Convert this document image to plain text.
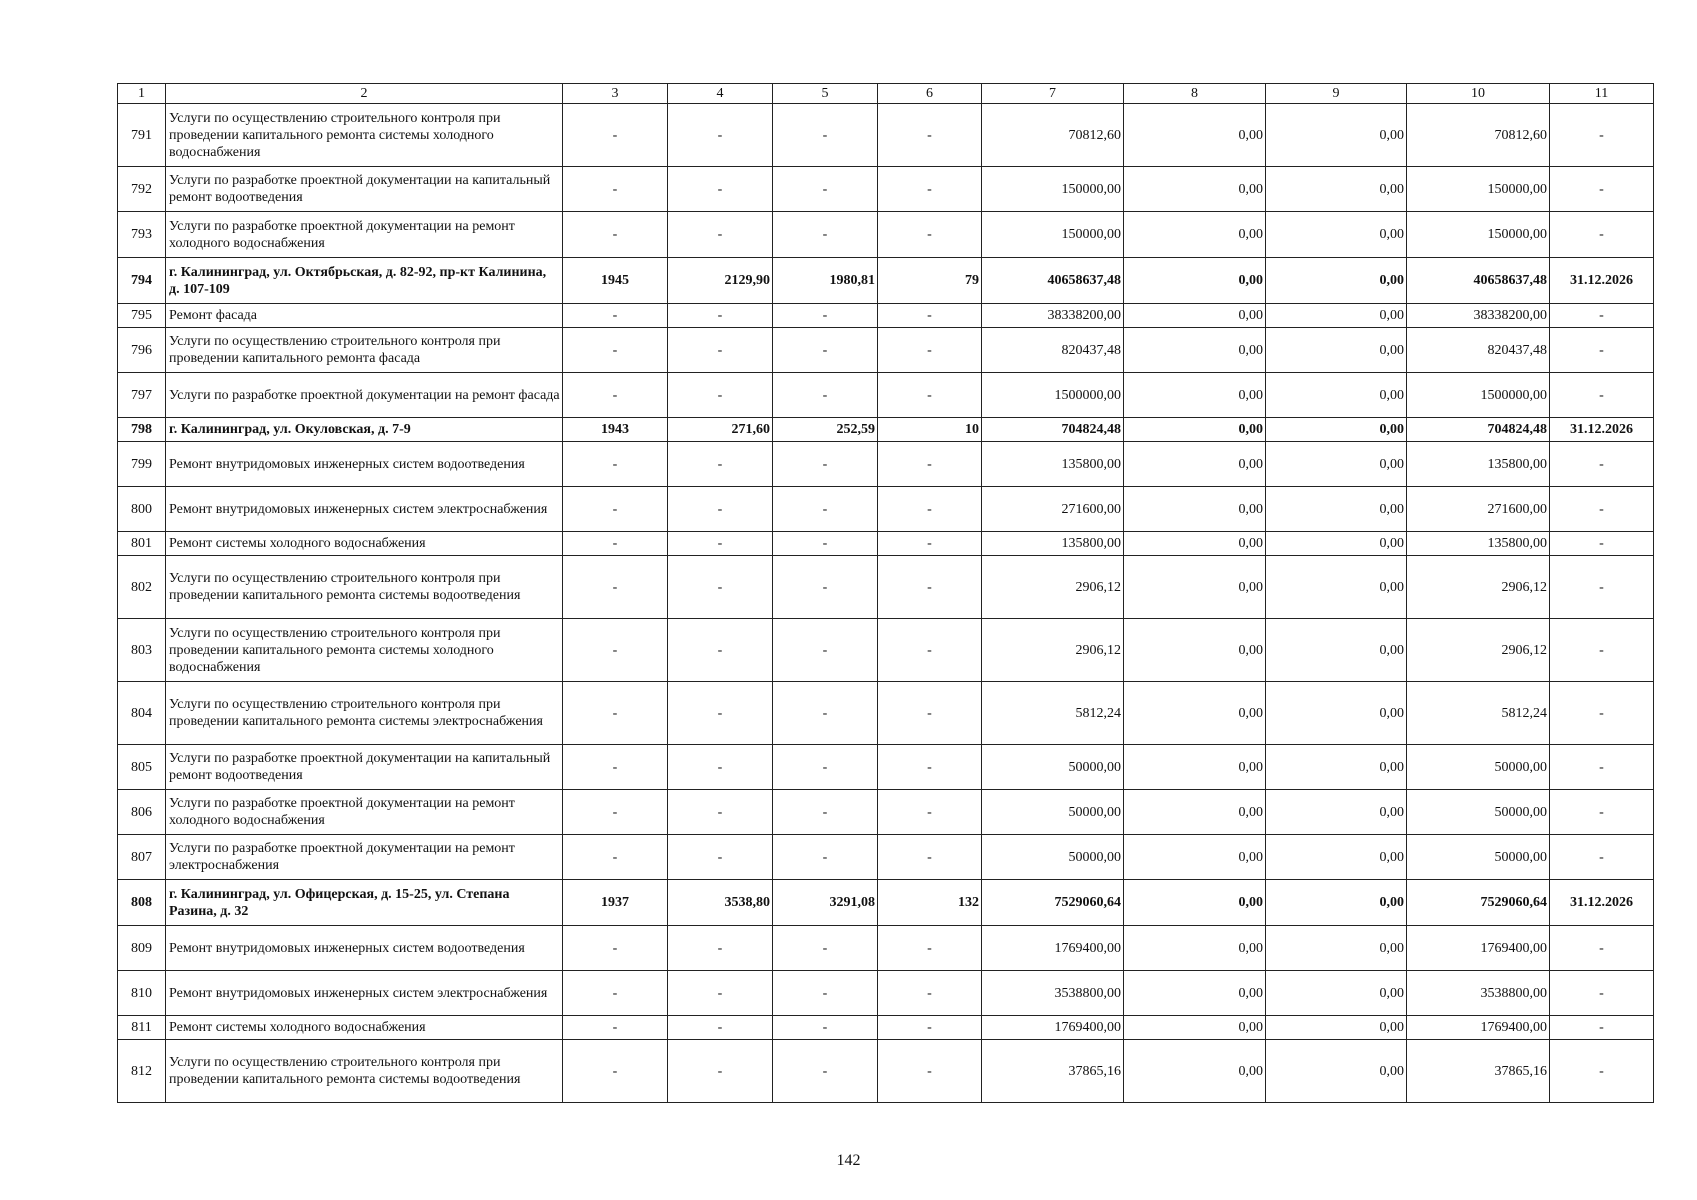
1	2	3	4	5	6	7	8	9	10	11
791	Услуги по осуществлению строительного контроля при проведении капитального ремонта системы холодного водоснабжения	-	-	-	-	70812,60	0,00	0,00	70812,60	-
792	Услуги по разработке проектной документации на капитальный ремонт водоотведения	-	-	-	-	150000,00	0,00	0,00	150000,00	-
793	Услуги по разработке проектной документации на ремонт холодного водоснабжения	-	-	-	-	150000,00	0,00	0,00	150000,00	-
794	г. Калининград, ул. Октябрьская, д. 82-92, пр-кт Калинина, д. 107-109	1945	2129,90	1980,81	79	40658637,48	0,00	0,00	40658637,48	31.12.2026
795	Ремонт фасада	-	-	-	-	38338200,00	0,00	0,00	38338200,00	-
796	Услуги по осуществлению строительного контроля при проведении капитального ремонта фасада	-	-	-	-	820437,48	0,00	0,00	820437,48	-
797	Услуги по разработке проектной документации на ремонт фасада	-	-	-	-	1500000,00	0,00	0,00	1500000,00	-
798	г. Калининград, ул. Окуловская, д. 7-9	1943	271,60	252,59	10	704824,48	0,00	0,00	704824,48	31.12.2026
799	Ремонт внутридомовых инженерных систем водоотведения	-	-	-	-	135800,00	0,00	0,00	135800,00	-
800	Ремонт внутридомовых инженерных систем электроснабжения	-	-	-	-	271600,00	0,00	0,00	271600,00	-
801	Ремонт системы холодного водоснабжения	-	-	-	-	135800,00	0,00	0,00	135800,00	-
802	Услуги по осуществлению строительного контроля при проведении капитального ремонта системы водоотведения	-	-	-	-	2906,12	0,00	0,00	2906,12	-
803	Услуги по осуществлению строительного контроля при проведении капитального ремонта системы холодного водоснабжения	-	-	-	-	2906,12	0,00	0,00	2906,12	-
804	Услуги по осуществлению строительного контроля при проведении капитального ремонта системы электроснабжения	-	-	-	-	5812,24	0,00	0,00	5812,24	-
805	Услуги по разработке проектной документации на капитальный ремонт водоотведения	-	-	-	-	50000,00	0,00	0,00	50000,00	-
806	Услуги по разработке проектной документации на ремонт холодного водоснабжения	-	-	-	-	50000,00	0,00	0,00	50000,00	-
807	Услуги по разработке проектной документации на ремонт электроснабжения	-	-	-	-	50000,00	0,00	0,00	50000,00	-
808	г. Калининград, ул. Офицерская, д. 15-25, ул. Степана Разина, д. 32	1937	3538,80	3291,08	132	7529060,64	0,00	0,00	7529060,64	31.12.2026
809	Ремонт внутридомовых инженерных систем водоотведения	-	-	-	-	1769400,00	0,00	0,00	1769400,00	-
810	Ремонт внутридомовых инженерных систем электроснабжения	-	-	-	-	3538800,00	0,00	0,00	3538800,00	-
811	Ремонт системы холодного водоснабжения	-	-	-	-	1769400,00	0,00	0,00	1769400,00	-
812	Услуги по осуществлению строительного контроля при проведении капитального ремонта системы водоотведения	-	-	-	-	37865,16	0,00	0,00	37865,16	-
142
